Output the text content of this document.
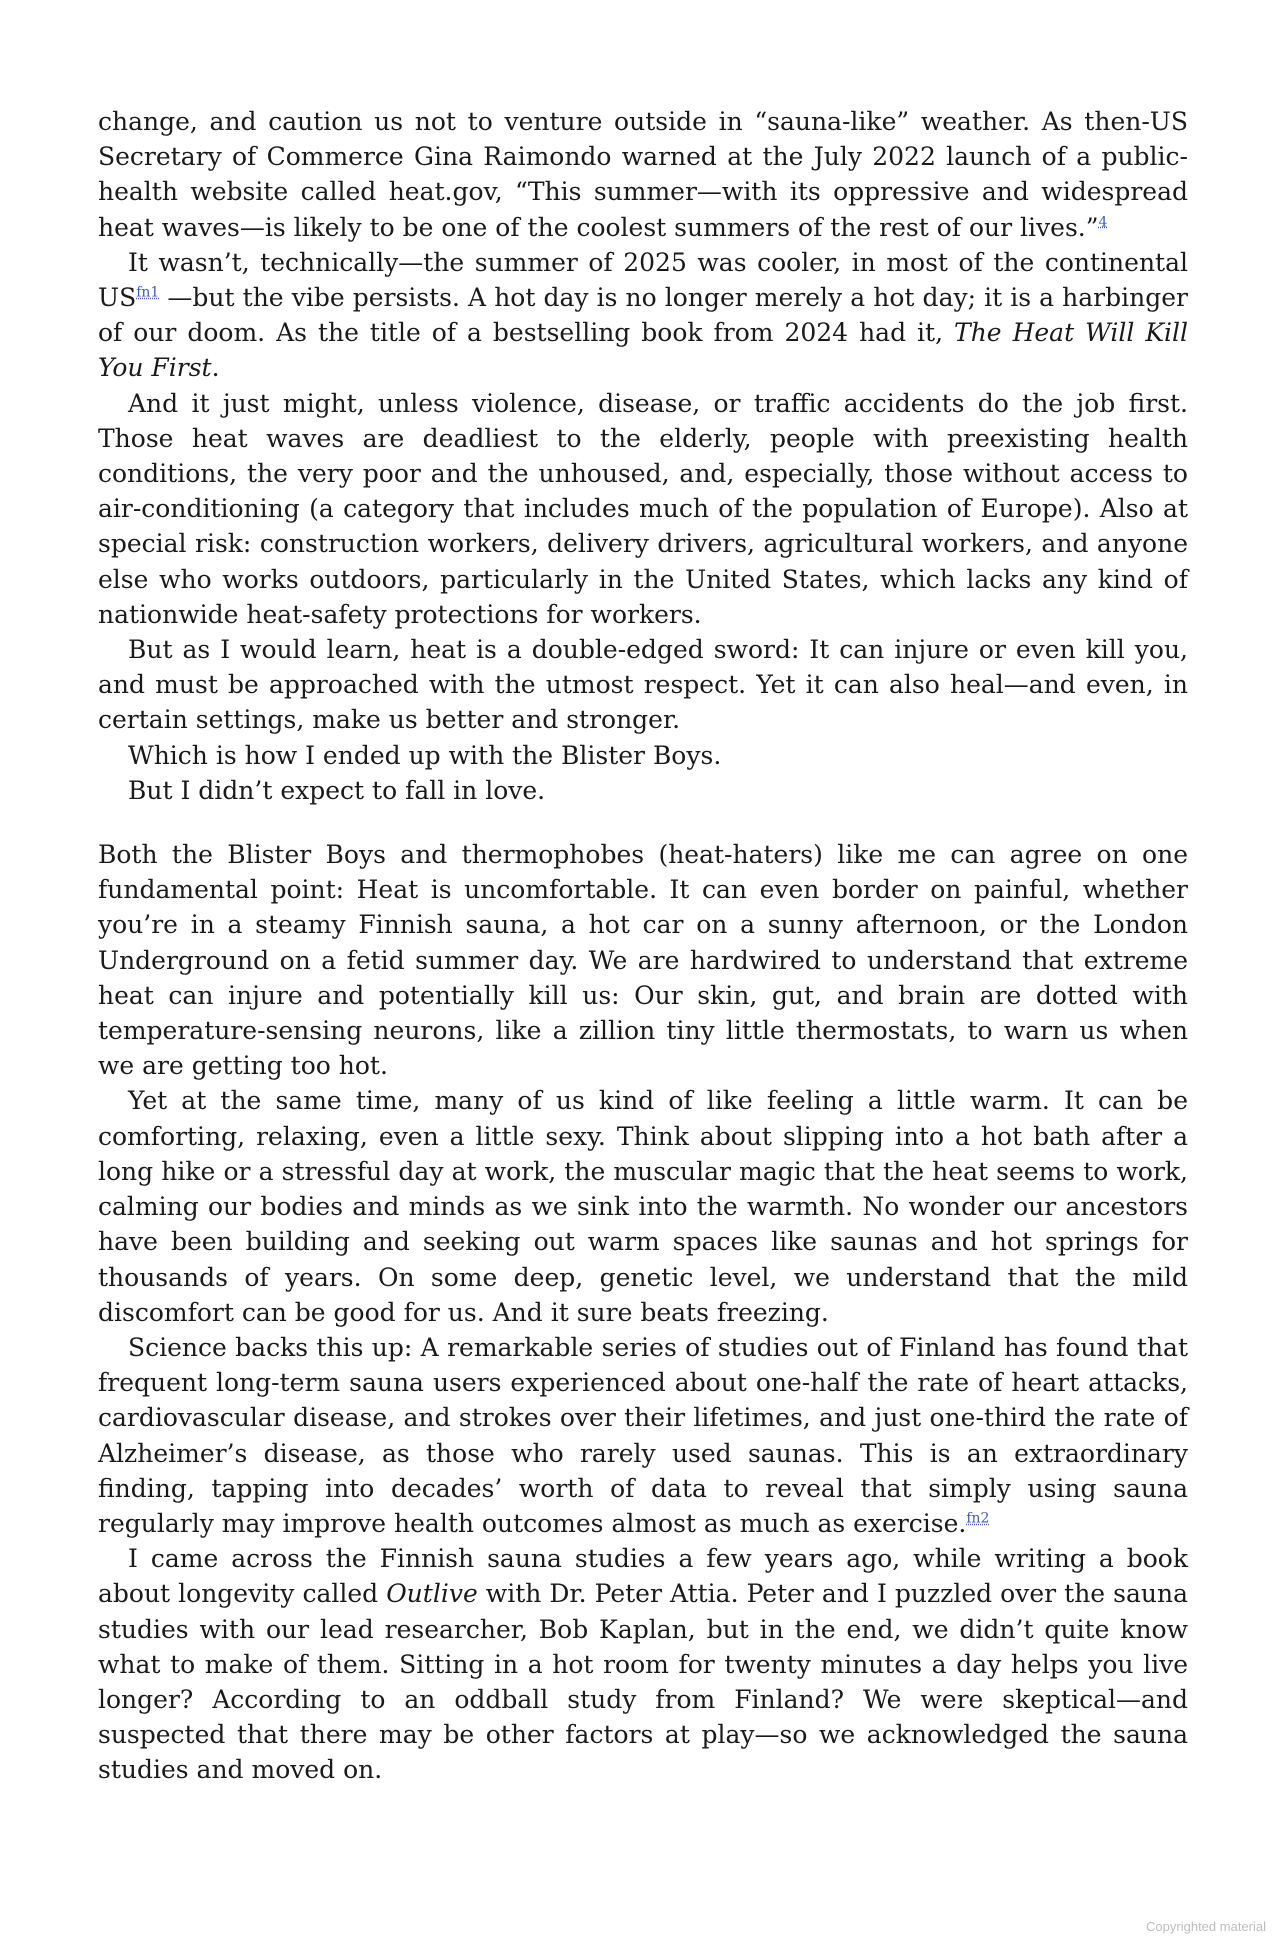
change, and caution us not to venture outside in “sauna-like” weather. As then-US Secretary of Commerce Gina Raimondo warned at the July 2022 launch of a public-health website called heat.gov, “This summer—with its oppressive and widespread heat waves—is likely to be one of the coolest summers of the rest of our lives.”$^4$

It wasn’t, technically—the summer of 2025 was cooler, in most of the continental US$^{fn1}$ —but the vibe persists. A hot day is no longer merely a hot day; it is a harbinger of our doom. As the title of a bestselling book from 2024 had it, The Heat Will Kill You First.

And it just might, unless violence, disease, or traffic accidents do the job first. Those heat waves are deadliest to the elderly, people with preexisting health conditions, the very poor and the unhoused, and, especially, those without access to air-conditioning (a category that includes much of the population of Europe). Also at special risk: construction workers, delivery drivers, agricultural workers, and anyone else who works outdoors, particularly in the United States, which lacks any kind of nationwide heat-safety protections for workers.

But as I would learn, heat is a double-edged sword: It can injure or even kill you, and must be approached with the utmost respect. Yet it can also heal—and even, in certain settings, make us better and stronger.

Which is how I ended up with the Blister Boys.

But I didn’t expect to fall in love.

Both the Blister Boys and thermophobes (heat-haters) like me can agree on one fundamental point: Heat is uncomfortable. It can even border on painful, whether you’re in a steamy Finnish sauna, a hot car on a sunny afternoon, or the London Underground on a fetid summer day. We are hardwired to understand that extreme heat can injure and potentially kill us: Our skin, gut, and brain are dotted with temperature-sensing neurons, like a zillion tiny little thermostats, to warn us when we are getting too hot.

Yet at the same time, many of us kind of like feeling a little warm. It can be comforting, relaxing, even a little sexy. Think about slipping into a hot bath after a long hike or a stressful day at work, the muscular magic that the heat seems to work, calming our bodies and minds as we sink into the warmth. No wonder our ancestors have been building and seeking out warm spaces like saunas and hot springs for thousands of years. On some deep, genetic level, we understand that the mild discomfort can be good for us. And it sure beats freezing.

Science backs this up: A remarkable series of studies out of Finland has found that frequent long-term sauna users experienced about one-half the rate of heart attacks, cardiovascular disease, and strokes over their lifetimes, and just one-third the rate of Alzheimer’s disease, as those who rarely used saunas. This is an extraordinary finding, tapping into decades’ worth of data to reveal that simply using sauna regularly may improve health outcomes almost as much as exercise.$^{fn2}$

I came across the Finnish sauna studies a few years ago, while writing a book about longevity called Outlive with Dr. Peter Attia. Peter and I puzzled over the sauna studies with our lead researcher, Bob Kaplan, but in the end, we didn’t quite know what to make of them. Sitting in a hot room for twenty minutes a day helps you live longer? According to an oddball study from Finland? We were skeptical—and suspected that there may be other factors at play—so we acknowledged the sauna studies and moved on.

Copyrighted material
